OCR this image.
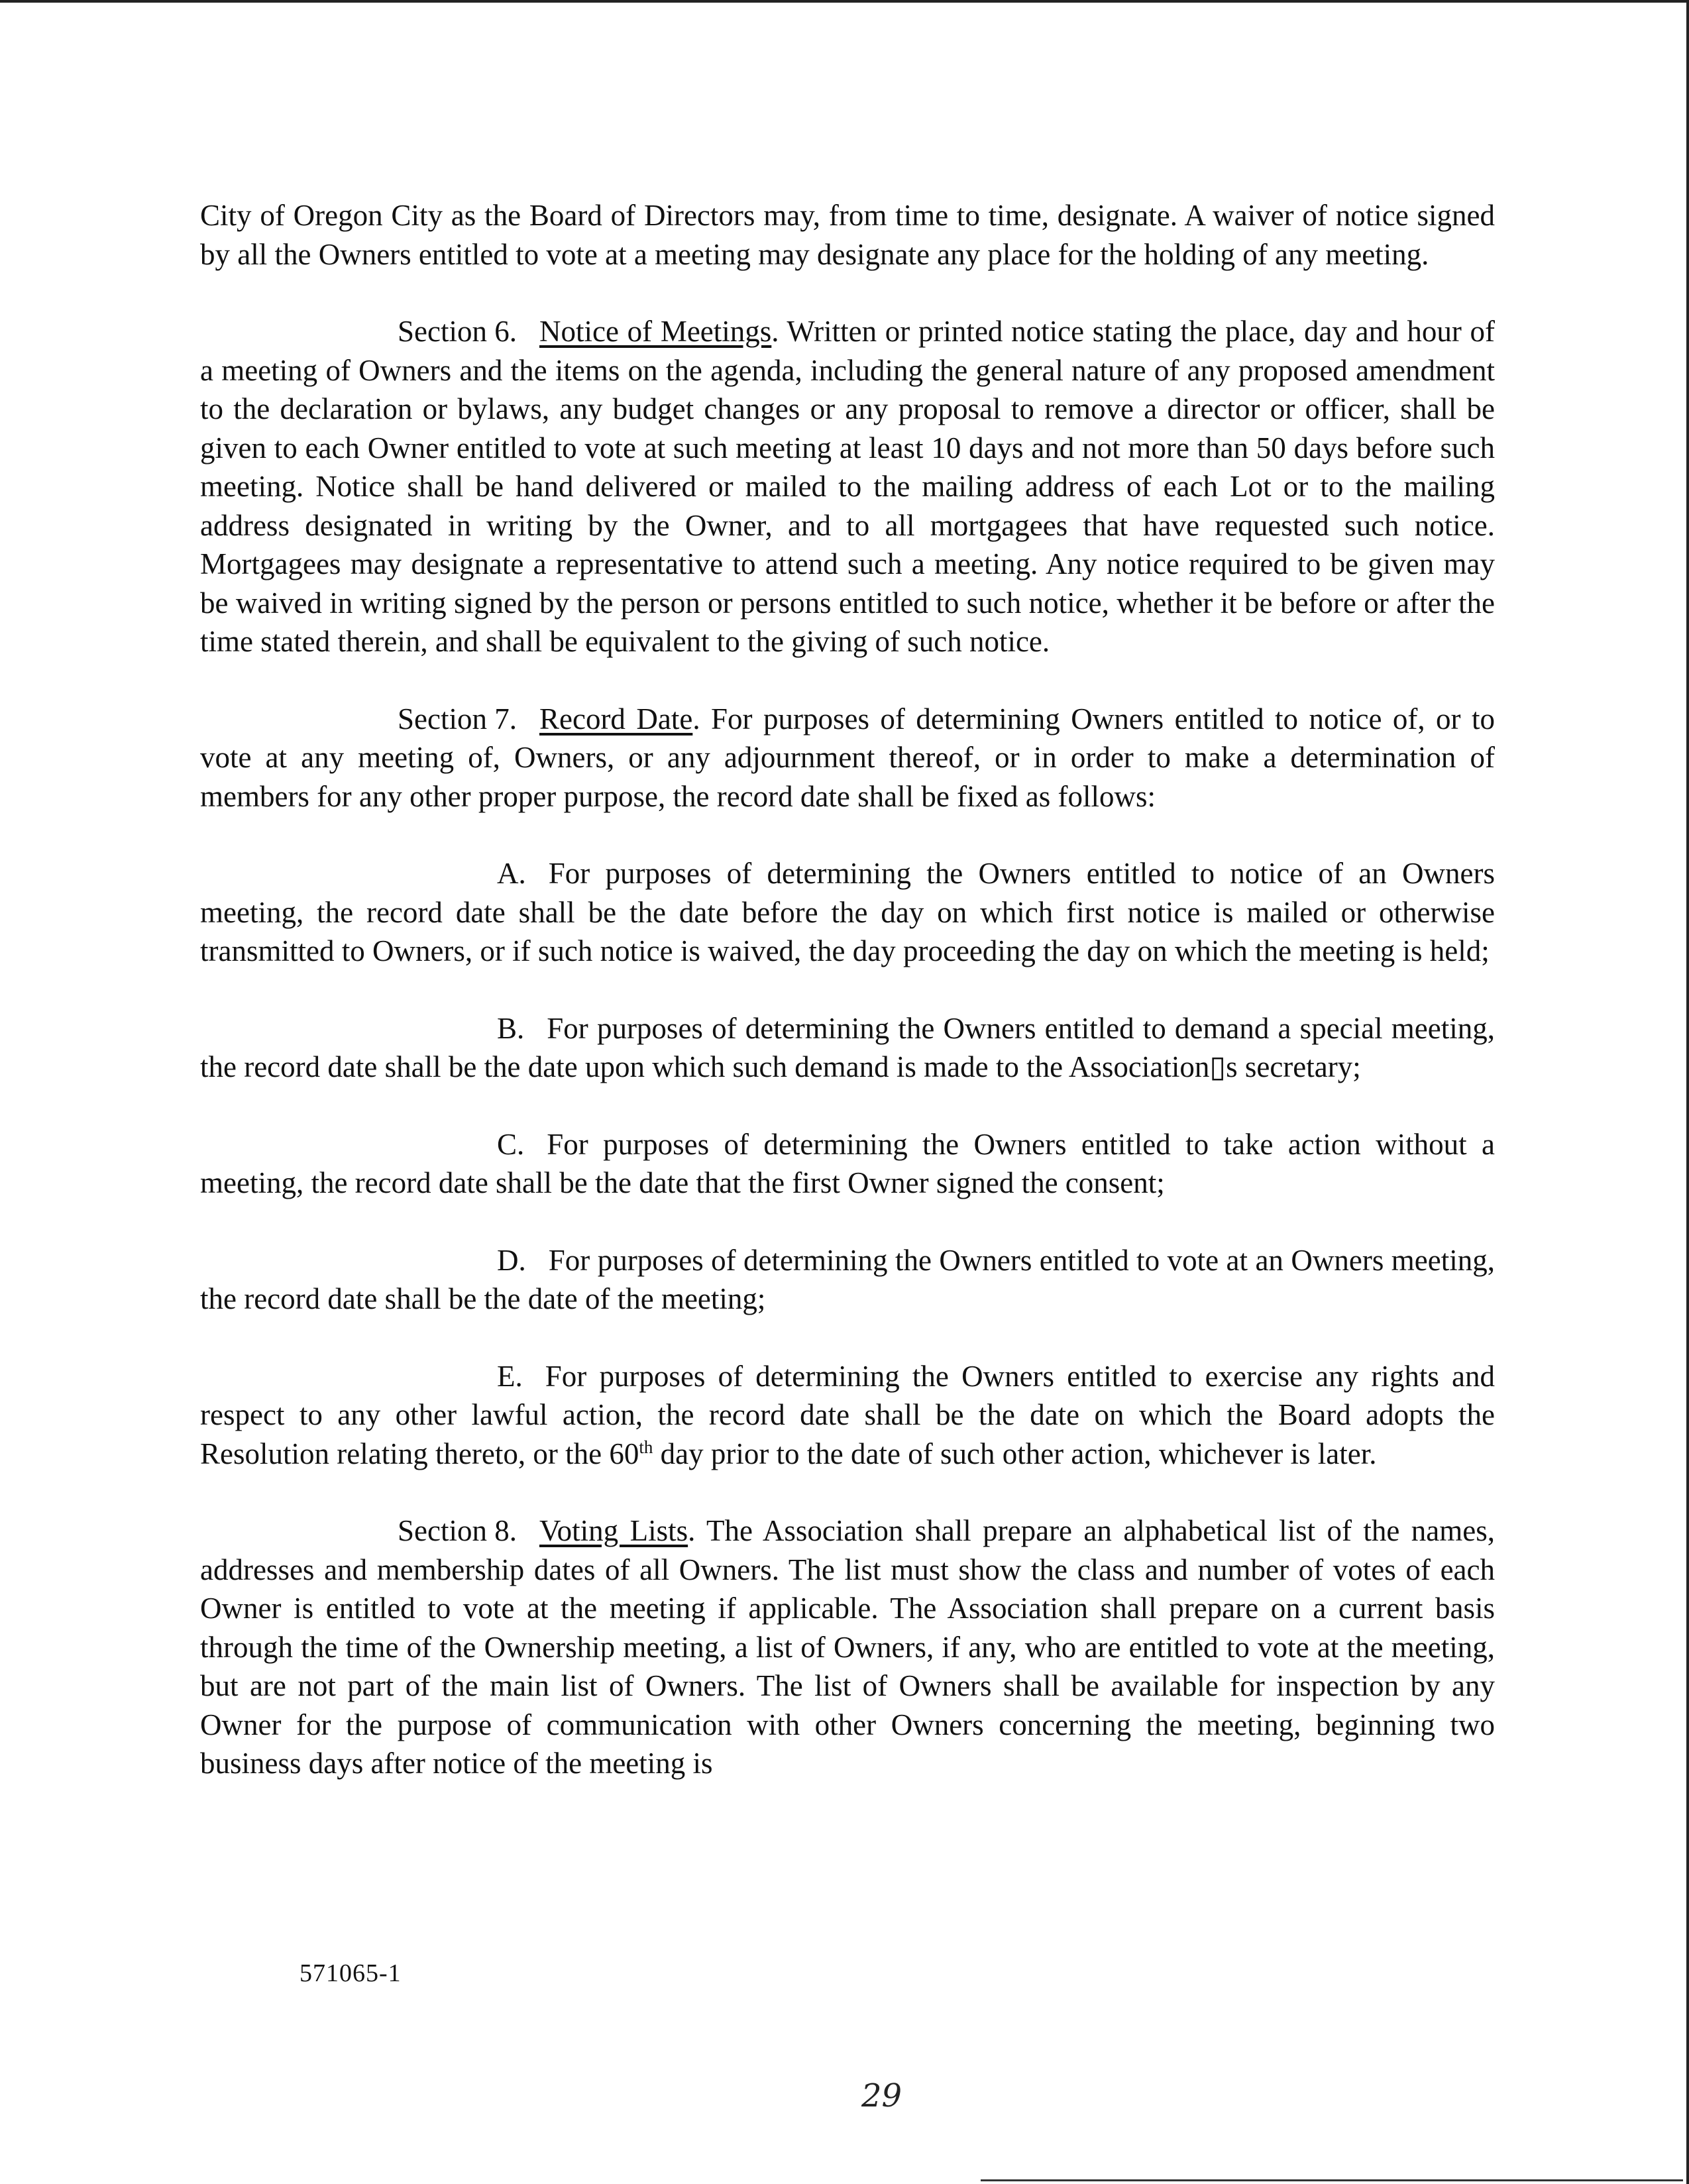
City of Oregon City as the Board of Directors may, from time to time, designate. A waiver of notice signed by all the Owners entitled to vote at a meeting may designate any place for the holding of any meeting.

Section 6. Notice of Meetings. Written or printed notice stating the place, day and hour of a meeting of Owners and the items on the agenda, including the general nature of any proposed amendment to the declaration or bylaws, any budget changes or any proposal to remove a director or officer, shall be given to each Owner entitled to vote at such meeting at least 10 days and not more than 50 days before such meeting. Notice shall be hand delivered or mailed to the mailing address of each Lot or to the mailing address designated in writing by the Owner, and to all mortgagees that have requested such notice. Mortgagees may designate a representative to attend such a meeting. Any notice required to be given may be waived in writing signed by the person or persons entitled to such notice, whether it be before or after the time stated therein, and shall be equivalent to the giving of such notice.

Section 7. Record Date. For purposes of determining Owners entitled to notice of, or to vote at any meeting of, Owners, or any adjournment thereof, or in order to make a determination of members for any other proper purpose, the record date shall be fixed as follows:

A. For purposes of determining the Owners entitled to notice of an Owners meeting, the record date shall be the date before the day on which first notice is mailed or otherwise transmitted to Owners, or if such notice is waived, the day proceeding the day on which the meeting is held;

B. For purposes of determining the Owners entitled to demand a special meeting, the record date shall be the date upon which such demand is made to the Association▯s secretary;

C. For purposes of determining the Owners entitled to take action without a meeting, the record date shall be the date that the first Owner signed the consent;

D. For purposes of determining the Owners entitled to vote at an Owners meeting, the record date shall be the date of the meeting;

E. For purposes of determining the Owners entitled to exercise any rights and respect to any other lawful action, the record date shall be the date on which the Board adopts the Resolution relating thereto, or the 60th day prior to the date of such other action, whichever is later.

Section 8. Voting Lists. The Association shall prepare an alphabetical list of the names, addresses and membership dates of all Owners. The list must show the class and number of votes of each Owner is entitled to vote at the meeting if applicable. The Association shall prepare on a current basis through the time of the Ownership meeting, a list of Owners, if any, who are entitled to vote at the meeting, but are not part of the main list of Owners. The list of Owners shall be available for inspection by any Owner for the purpose of communication with other Owners concerning the meeting, beginning two business days after notice of the meeting is

571065-1
29
